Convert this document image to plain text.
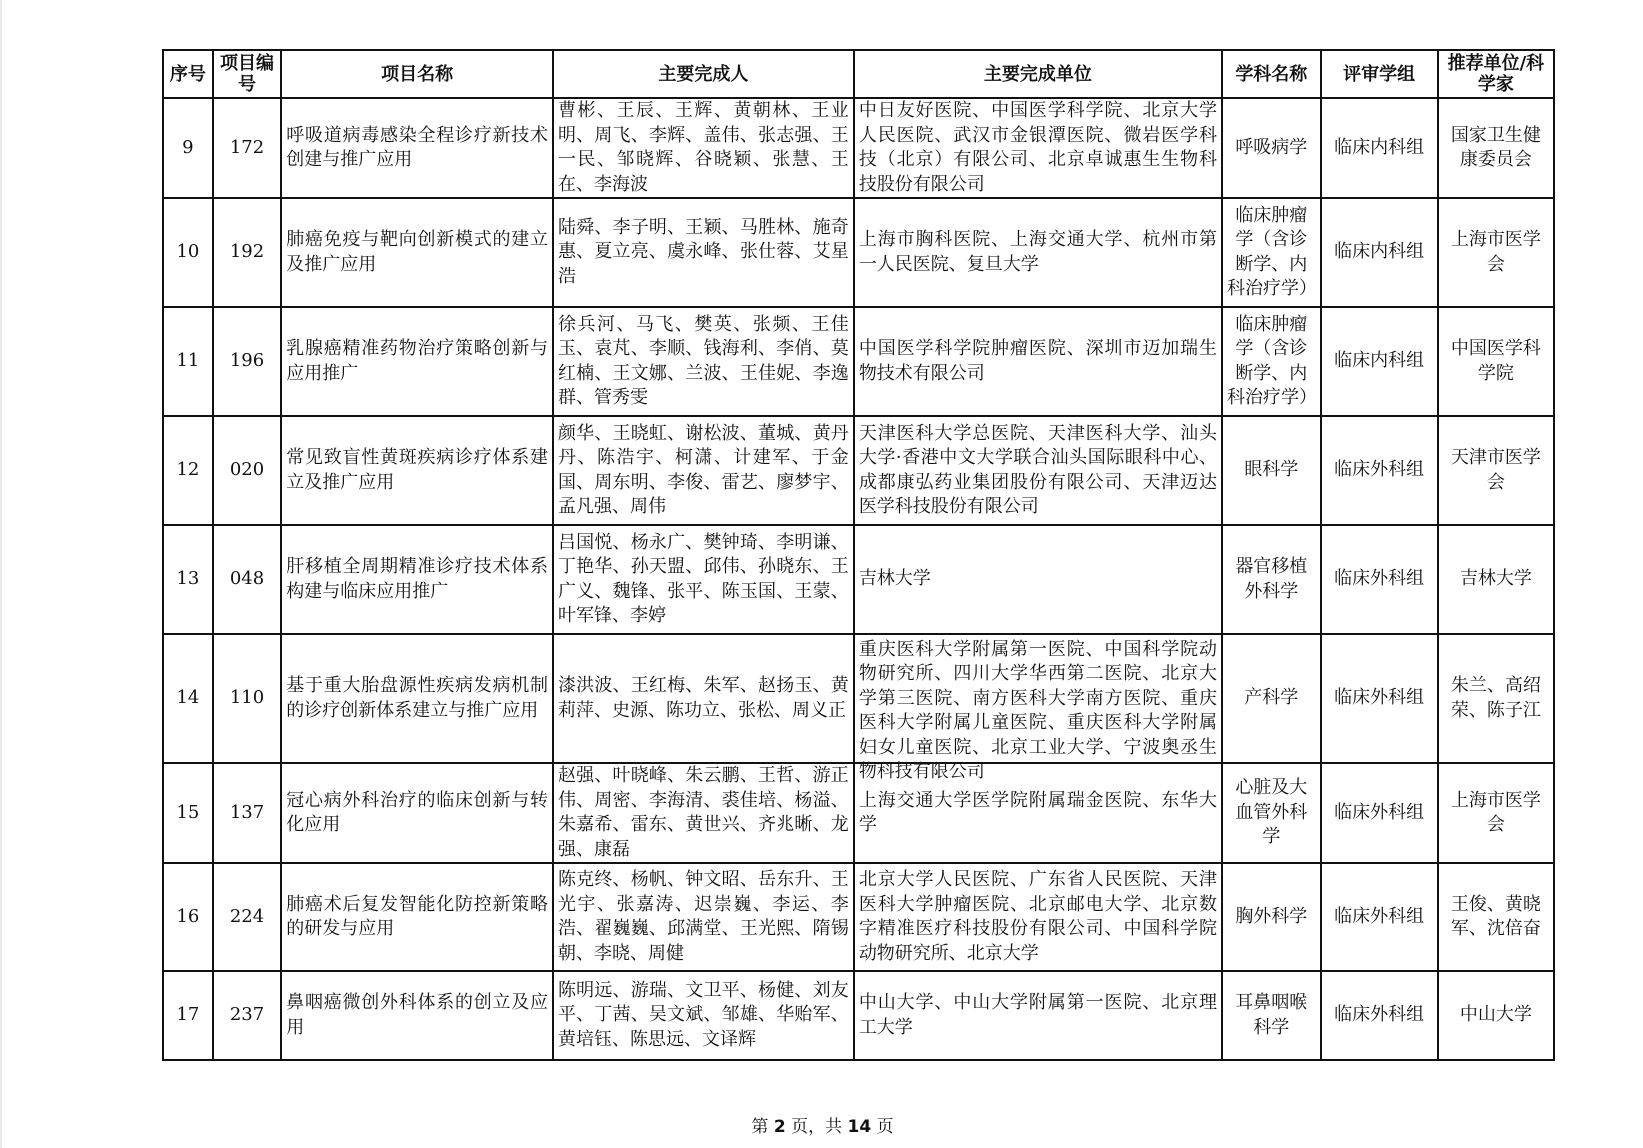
序号	项目编号	项目名称	主要完成人	主要完成单位	学科名称	评审学组	推荐单位/科学家

9	172	呼吸道病毒感染全程诊疗新技术创建与推广应用	曹彬、王辰、王辉、黄朝林、王业明、周飞、李辉、盖伟、张志强、王一民、邹晓辉、谷晓颖、张慧、王在、李海波	中日友好医院、中国医学科学院、北京大学人民医院、武汉市金银潭医院、微岩医学科技（北京）有限公司、北京卓诚惠生生物科技股份有限公司	呼吸病学	临床内科组	国家卫生健康委员会

10	192	肺癌免疫与靶向创新模式的建立及推广应用	陆舜、李子明、王颖、马胜林、施奇惠、夏立亮、虞永峰、张仕蓉、艾星浩	上海市胸科医院、上海交通大学、杭州市第一人民医院、复旦大学	临床肿瘤学（含诊断学、内科治疗学）	临床内科组	上海市医学会

11	196	乳腺癌精准药物治疗策略创新与应用推广	徐兵河、马飞、樊英、张频、王佳玉、袁芃、李顺、钱海利、李俏、莫红楠、王文娜、兰波、王佳妮、李逸群、管秀雯	中国医学科学院肿瘤医院、深圳市迈加瑞生物技术有限公司	临床肿瘤学（含诊断学、内科治疗学）	临床内科组	中国医学科学院

12	020	常见致盲性黄斑疾病诊疗体系建立及推广应用	颜华、王晓虹、谢松波、董城、黄丹丹、陈浩宇、柯潇、计建军、于金国、周东明、李俊、雷艺、廖梦宇、孟凡强、周伟	天津医科大学总医院、天津医科大学、汕头大学·香港中文大学联合汕头国际眼科中心、成都康弘药业集团股份有限公司、天津迈达医学科技股份有限公司	眼科学	临床外科组	天津市医学会

13	048	肝移植全周期精准诊疗技术体系构建与临床应用推广	吕国悦、杨永广、樊钟琦、李明谦、丁艳华、孙天盟、邱伟、孙晓东、王广义、魏锋、张平、陈玉国、王蒙、叶军锋、李婷	吉林大学	器官移植外科学	临床外科组	吉林大学

14	110	基于重大胎盘源性疾病发病机制的诊疗创新体系建立与推广应用	漆洪波、王红梅、朱军、赵扬玉、黄莉萍、史源、陈功立、张松、周义正	重庆医科大学附属第一医院、中国科学院动物研究所、四川大学华西第二医院、北京大学第三医院、南方医科大学南方医院、重庆医科大学附属儿童医院、重庆医科大学附属妇女儿童医院、北京工业大学、宁波奥丞生物科技有限公司	产科学	临床外科组	朱兰、高绍荣、陈子江

15	137	冠心病外科治疗的临床创新与转化应用	赵强、叶晓峰、朱云鹏、王哲、游正伟、周密、李海清、裘佳培、杨溢、朱嘉希、雷东、黄世兴、齐兆晰、龙强、康磊	上海交通大学医学院附属瑞金医院、东华大学	心脏及大血管外科学	临床外科组	上海市医学会

16	224	肺癌术后复发智能化防控新策略的研发与应用	陈克终、杨帆、钟文昭、岳东升、王光宇、张嘉涛、迟崇巍、李运、李浩、翟巍巍、邱满堂、王光熙、隋锡朝、李晓、周健	北京大学人民医院、广东省人民医院、天津医科大学肿瘤医院、北京邮电大学、北京数字精准医疗科技股份有限公司、中国科学院动物研究所、北京大学	胸外科学	临床外科组	王俊、黄晓军、沈倍奋

17	237	鼻咽癌微创外科体系的创立及应用	陈明远、游瑞、文卫平、杨健、刘友平、丁茜、吴文斌、邹雄、华贻军、黄培钰、陈思远、文译辉	中山大学、中山大学附属第一医院、北京理工大学	耳鼻咽喉科学	临床外科组	中山大学
第 2 页，共 14 页
